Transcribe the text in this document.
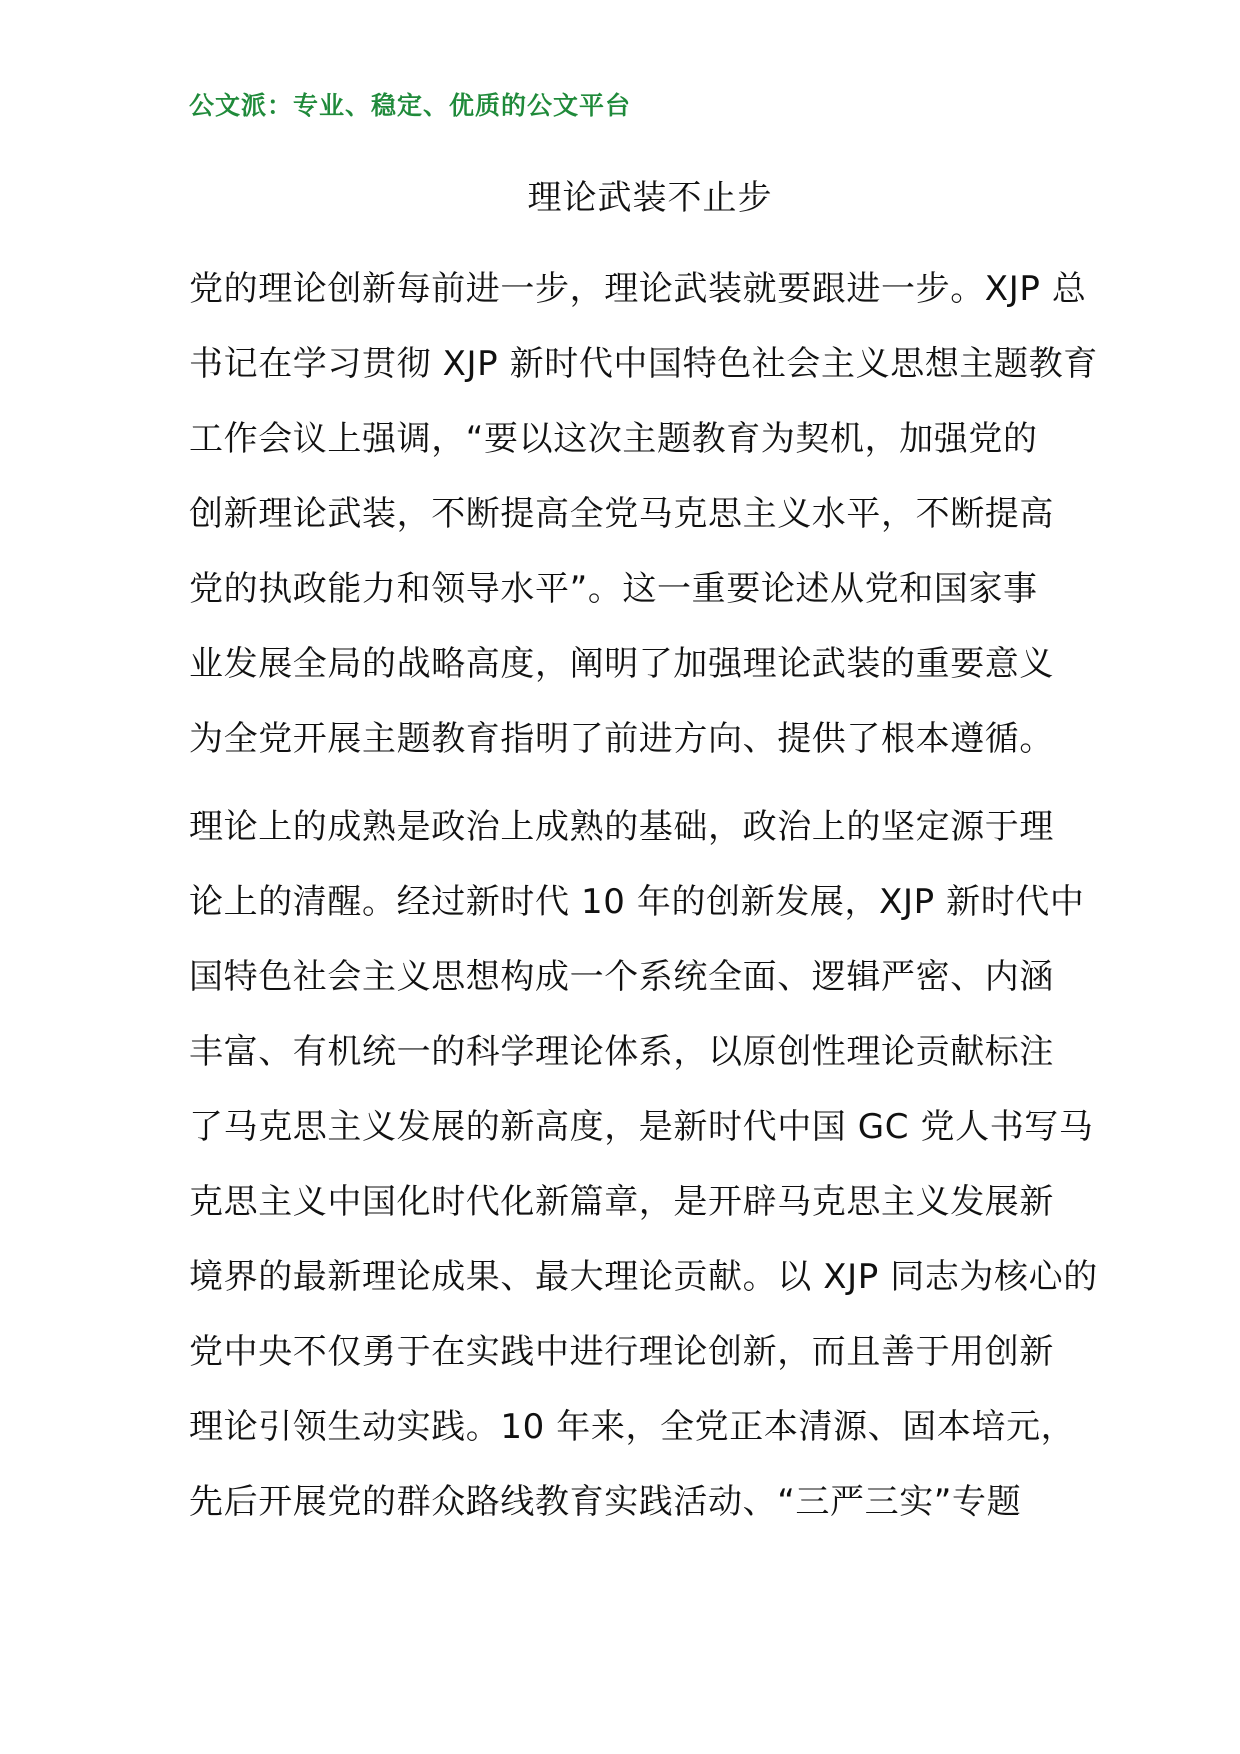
公文派：专业、稳定、优质的公文平台
理论武装不止步
党的理论创新每前进一步，理论武装就要跟进一步。XJP 总
书记在学习贯彻 XJP 新时代中国特色社会主义思想主题教育
工作会议上强调，“要以这次主题教育为契机，加强党的
创新理论武装，不断提高全党马克思主义水平，不断提高
党的执政能力和领导水平”。这一重要论述从党和国家事
业发展全局的战略高度，阐明了加强理论武装的重要意义
为全党开展主题教育指明了前进方向、提供了根本遵循。
理论上的成熟是政治上成熟的基础，政治上的坚定源于理
论上的清醒。经过新时代 10 年的创新发展，XJP 新时代中
国特色社会主义思想构成一个系统全面、逻辑严密、内涵
丰富、有机统一的科学理论体系，以原创性理论贡献标注
了马克思主义发展的新高度，是新时代中国 GC 党人书写马
克思主义中国化时代化新篇章，是开辟马克思主义发展新
境界的最新理论成果、最大理论贡献。以 XJP 同志为核心的
党中央不仅勇于在实践中进行理论创新，而且善于用创新
理论引领生动实践。10 年来，全党正本清源、固本培元，
先后开展党的群众路线教育实践活动、“三严三实”专题
